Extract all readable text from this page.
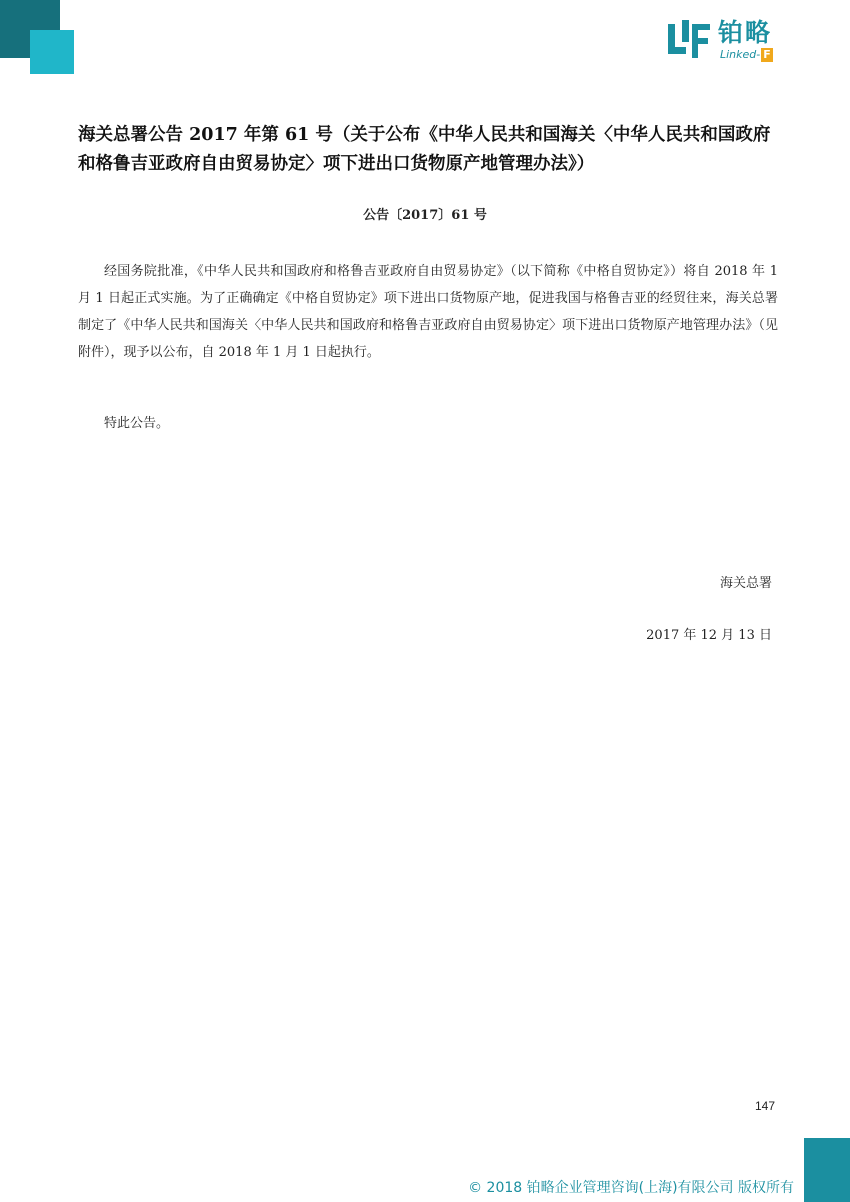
铂略
Linked- F
海关总署公告 2017 年第 61 号（关于公布《中华人民共和国海关〈中华人民共和国政府和格鲁吉亚政府自由贸易协定〉项下进出口货物原产地管理办法》）
公告〔2017〕61 号

经国务院批准，《中华人民共和国政府和格鲁吉亚政府自由贸易协定》（以下简称《中格自贸协定》）将自 2018 年 1 月 1 日起正式实施。为了正确确定《中格自贸协定》项下进出口货物原产地，促进我国与格鲁吉亚的经贸往来，海关总署制定了《中华人民共和国海关〈中华人民共和国政府和格鲁吉亚政府自由贸易协定〉项下进出口货物原产地管理办法》（见附件），现予以公布，自 2018 年 1 月 1 日起执行。

特此公告。
海关总署
2017 年 12 月 13 日
147
© 2018 铂略企业管理咨询(上海)有限公司 版权所有
